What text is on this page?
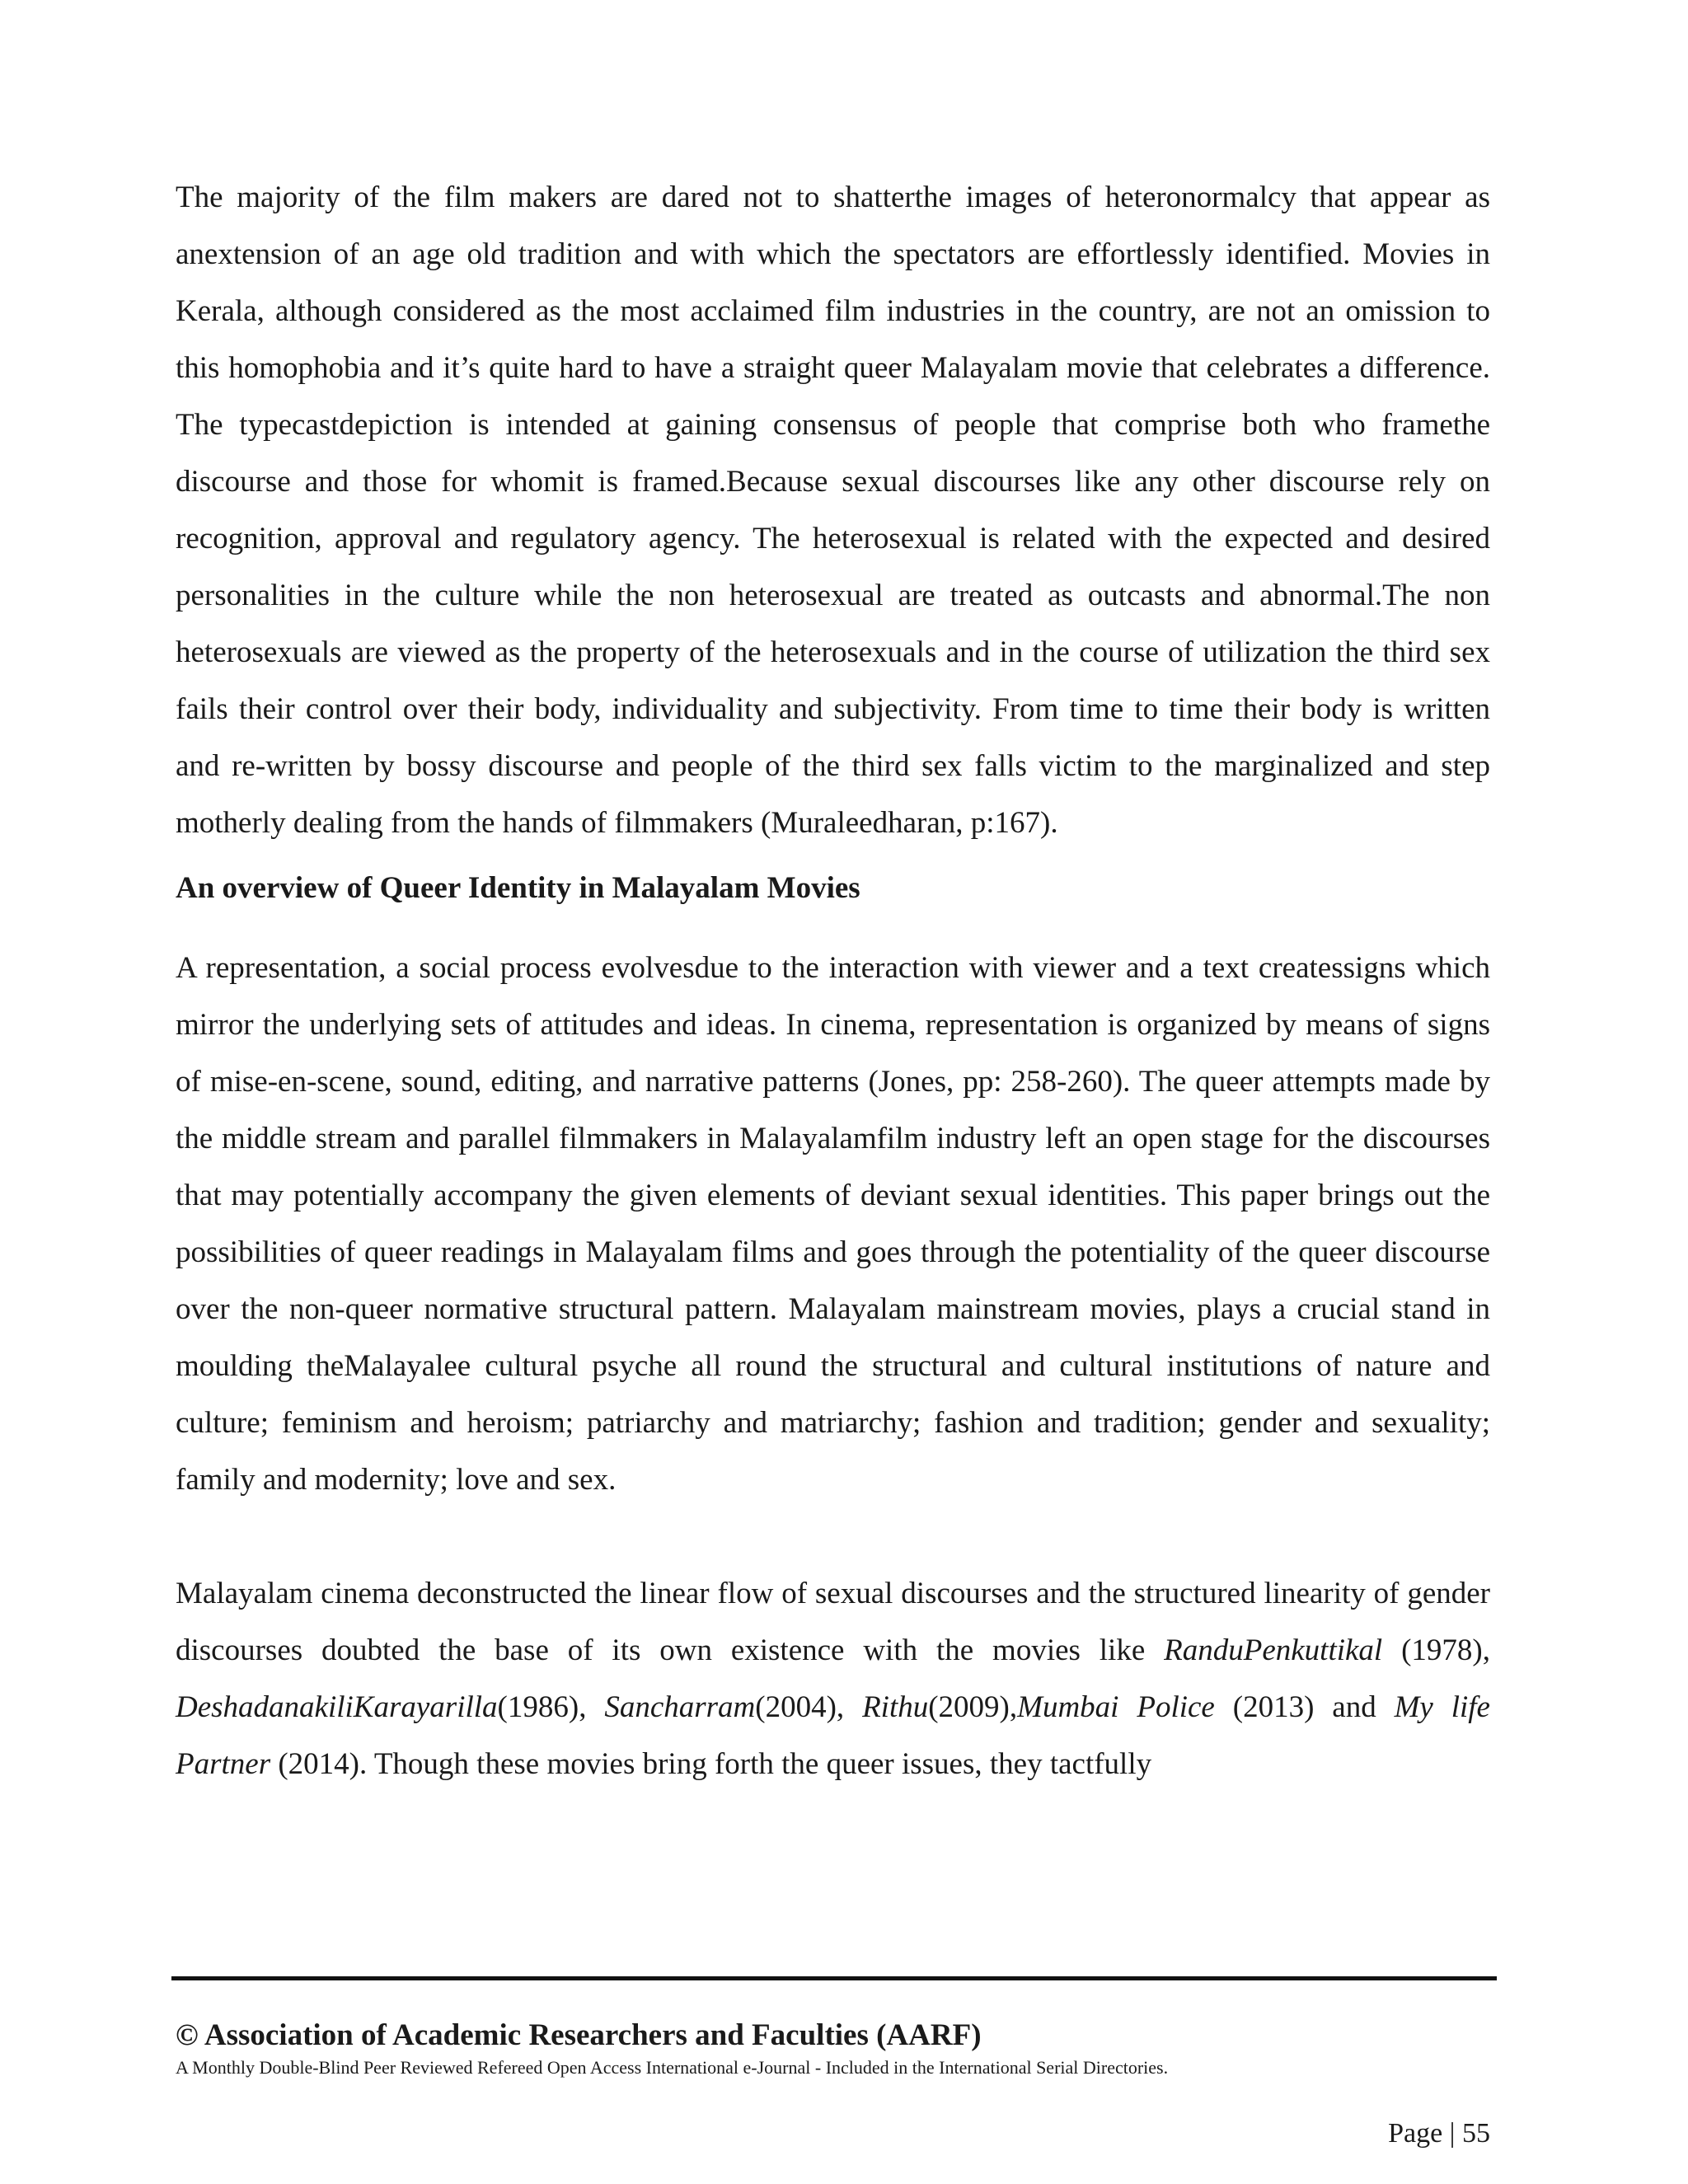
The majority of the film makers are dared not to shatterthe images of heteronormalcy that appear as anextension of an age old tradition and with which the spectators are effortlessly identified. Movies in Kerala, although considered as the most acclaimed film industries in the country, are not an omission to this homophobia and it’s quite hard to have a straight queer Malayalam movie that celebrates a difference. The typecastdepiction is intended at gaining consensus of people that comprise both who framethe discourse and those for whomit is framed.Because sexual discourses like any other discourse rely on recognition, approval and regulatory agency. The heterosexual is related with the expected and desired personalities in the culture while the non heterosexual are treated as outcasts and abnormal.The non heterosexuals are viewed as the property of the heterosexuals and in the course of utilization the third sex fails their control over their body, individuality and subjectivity. From time to time their body is written and re-written by bossy discourse and people of the third sex falls victim to the marginalized and step motherly dealing from the hands of filmmakers (Muraleedharan, p:167).

An overview of Queer Identity in Malayalam Movies

A representation, a social process evolvesdue to the interaction with viewer and a text createssigns which mirror the underlying sets of attitudes and ideas. In cinema, representation is organized by means of signs of mise-en-scene, sound, editing, and narrative patterns (Jones, pp: 258-260). The queer attempts made by the middle stream and parallel filmmakers in Malayalamfilm industry left an open stage for the discourses that may potentially accompany the given elements of deviant sexual identities. This paper brings out the possibilities of queer readings in Malayalam films and goes through the potentiality of the queer discourse over the non-queer normative structural pattern. Malayalam mainstream movies, plays a crucial stand in moulding theMalayalee cultural psyche all round the structural and cultural institutions of nature and culture; feminism and heroism; patriarchy and matriarchy; fashion and tradition; gender and sexuality; family and modernity; love and sex.

Malayalam cinema deconstructed the linear flow of sexual discourses and the structured linearity of gender discourses doubted the base of its own existence with the movies like RanduPenkuttikal (1978), DeshadanakiliKarayarilla(1986), Sancharram(2004), Rithu(2009),Mumbai Police (2013) and My life Partner (2014). Though these movies bring forth the queer issues, they tactfully

© Association of Academic Researchers and Faculties (AARF)
A Monthly Double-Blind Peer Reviewed Refereed Open Access International e-Journal - Included in the International Serial Directories.
Page | 55
